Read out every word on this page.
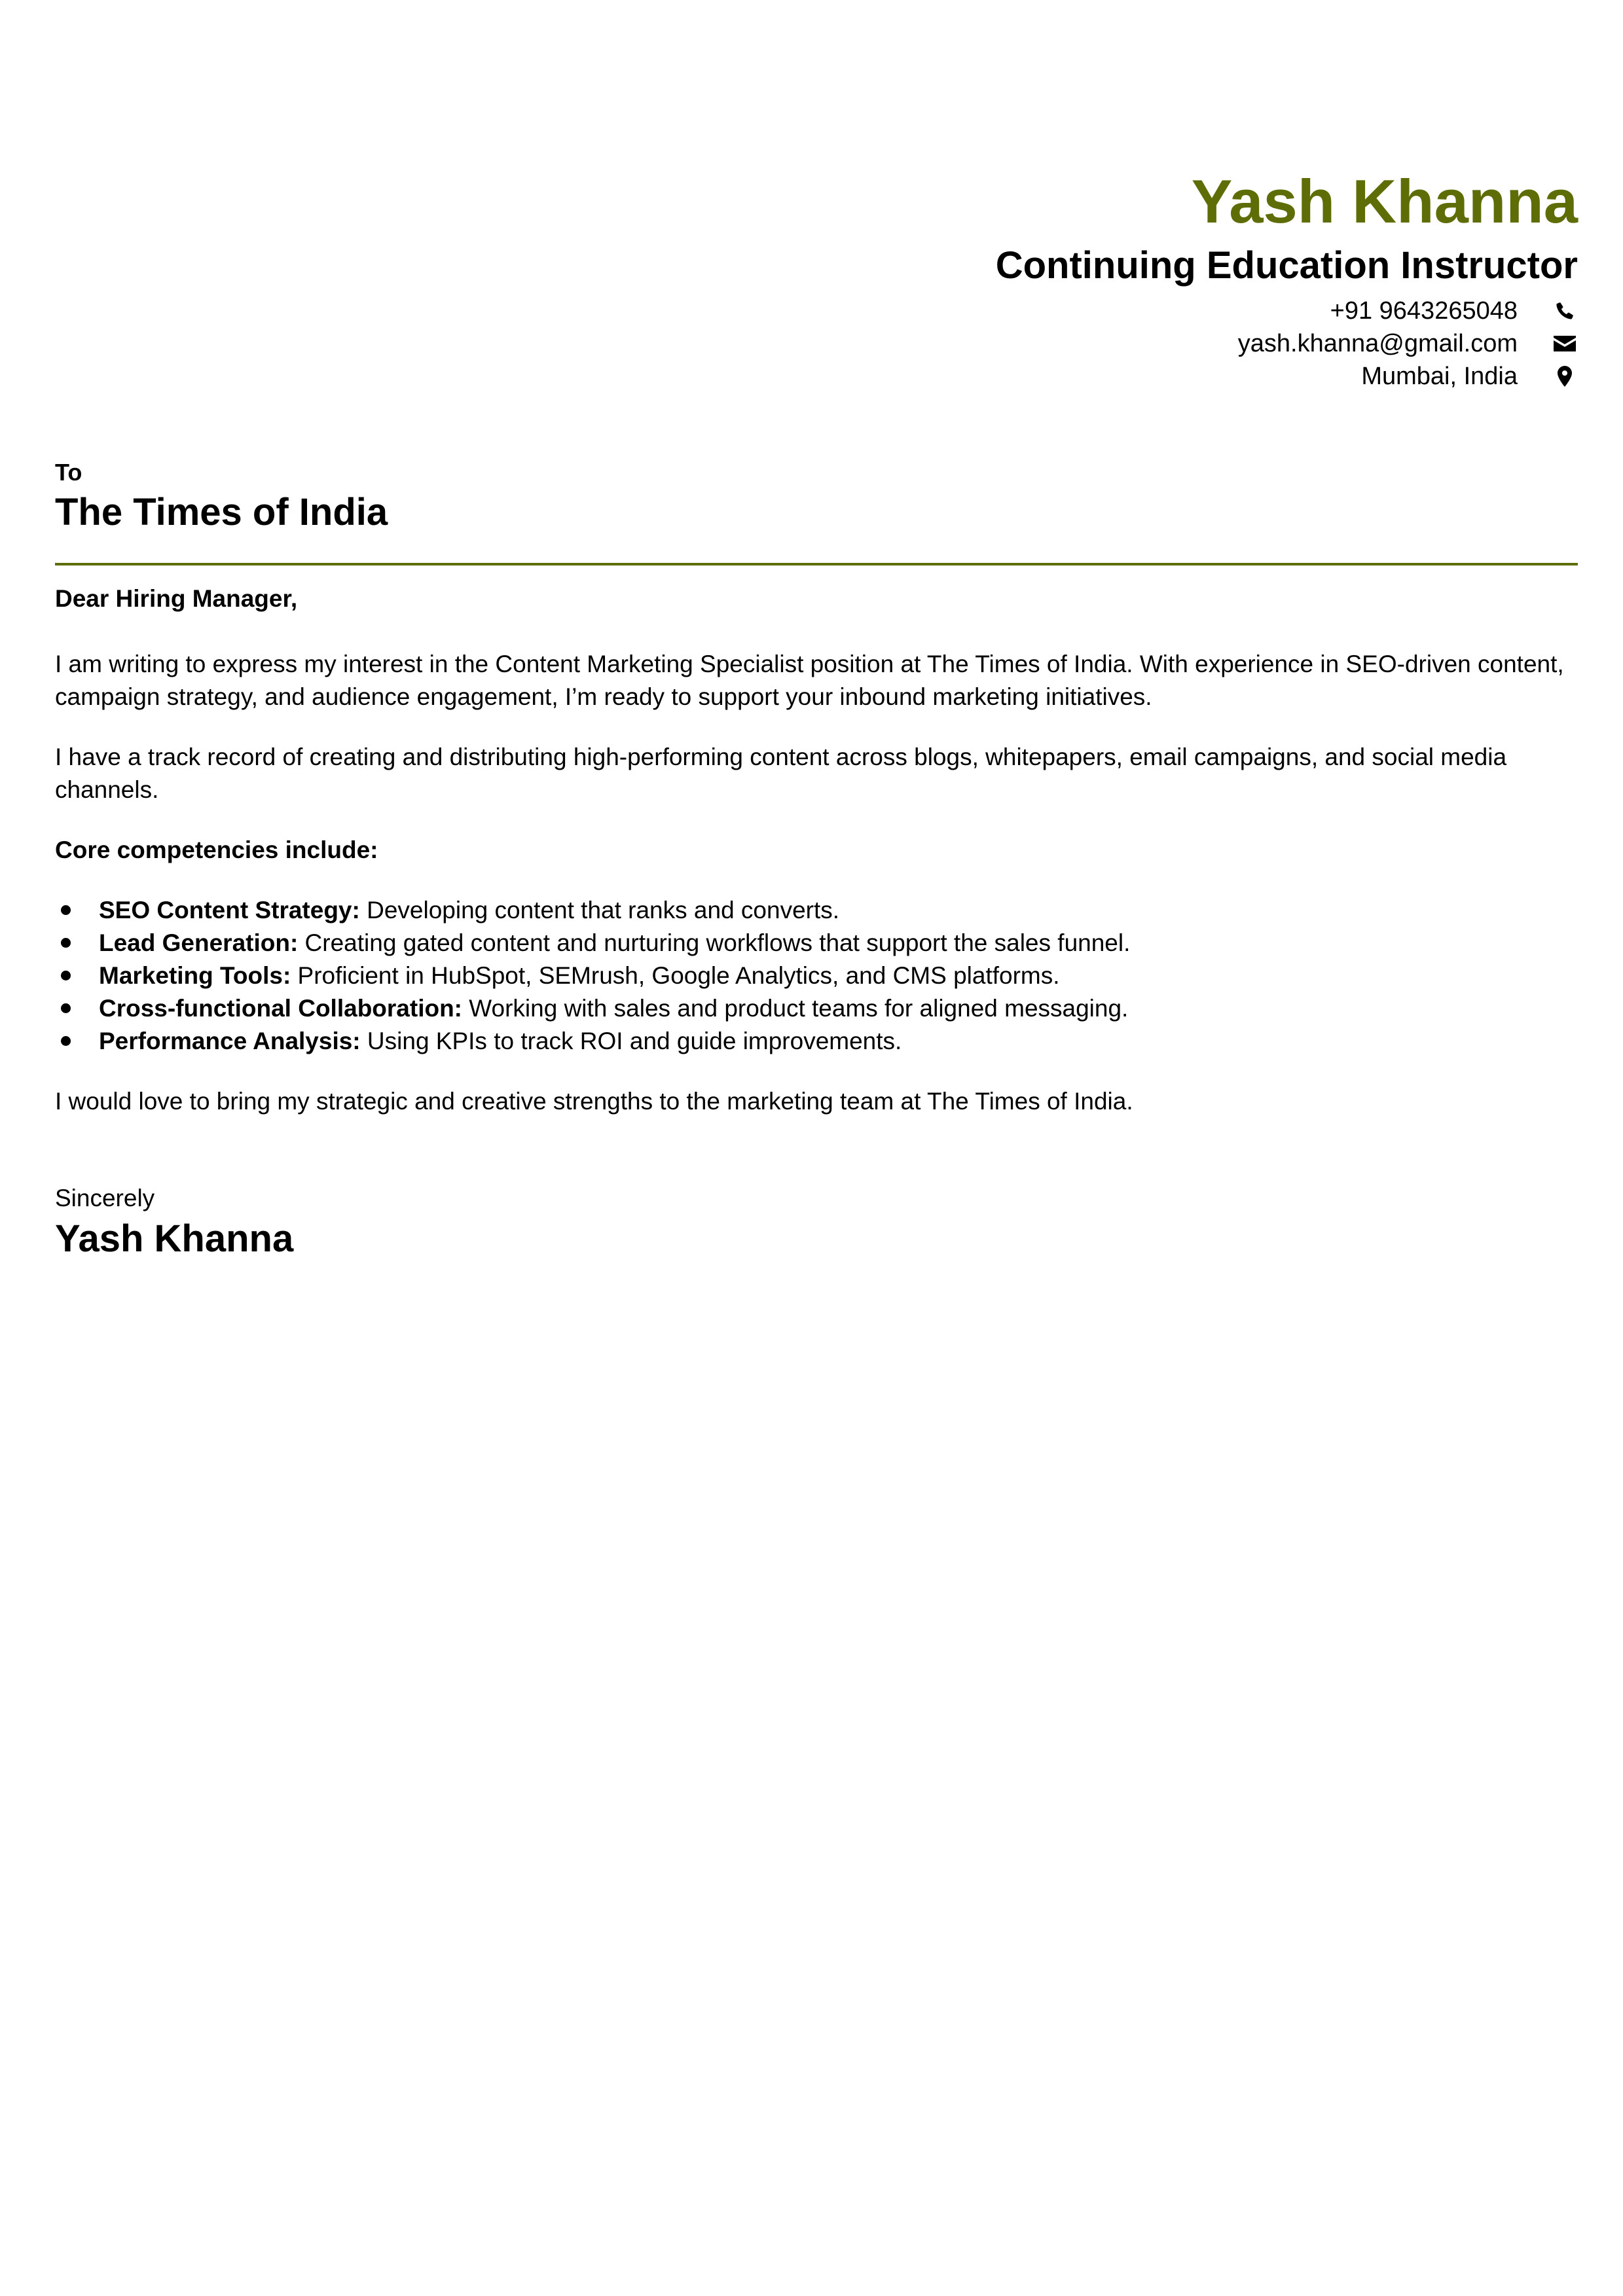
Yash Khanna
Continuing Education Instructor
+91 9643265048
yash.khanna@gmail.com
Mumbai, India
To
The Times of India

Dear Hiring Manager,

I am writing to express my interest in the Content Marketing Specialist position at The Times of India. With experience in SEO-driven content, campaign strategy, and audience engagement, I’m ready to support your inbound marketing initiatives.

I have a track record of creating and distributing high-performing content across blogs, whitepapers, email campaigns, and social media channels.

Core competencies include:

SEO Content Strategy: Developing content that ranks and converts.
Lead Generation: Creating gated content and nurturing workflows that support the sales funnel.
Marketing Tools: Proficient in HubSpot, SEMrush, Google Analytics, and CMS platforms.
Cross-functional Collaboration: Working with sales and product teams for aligned messaging.
Performance Analysis: Using KPIs to track ROI and guide improvements.

I would love to bring my strategic and creative strengths to the marketing team at The Times of India.

Sincerely
Yash Khanna
